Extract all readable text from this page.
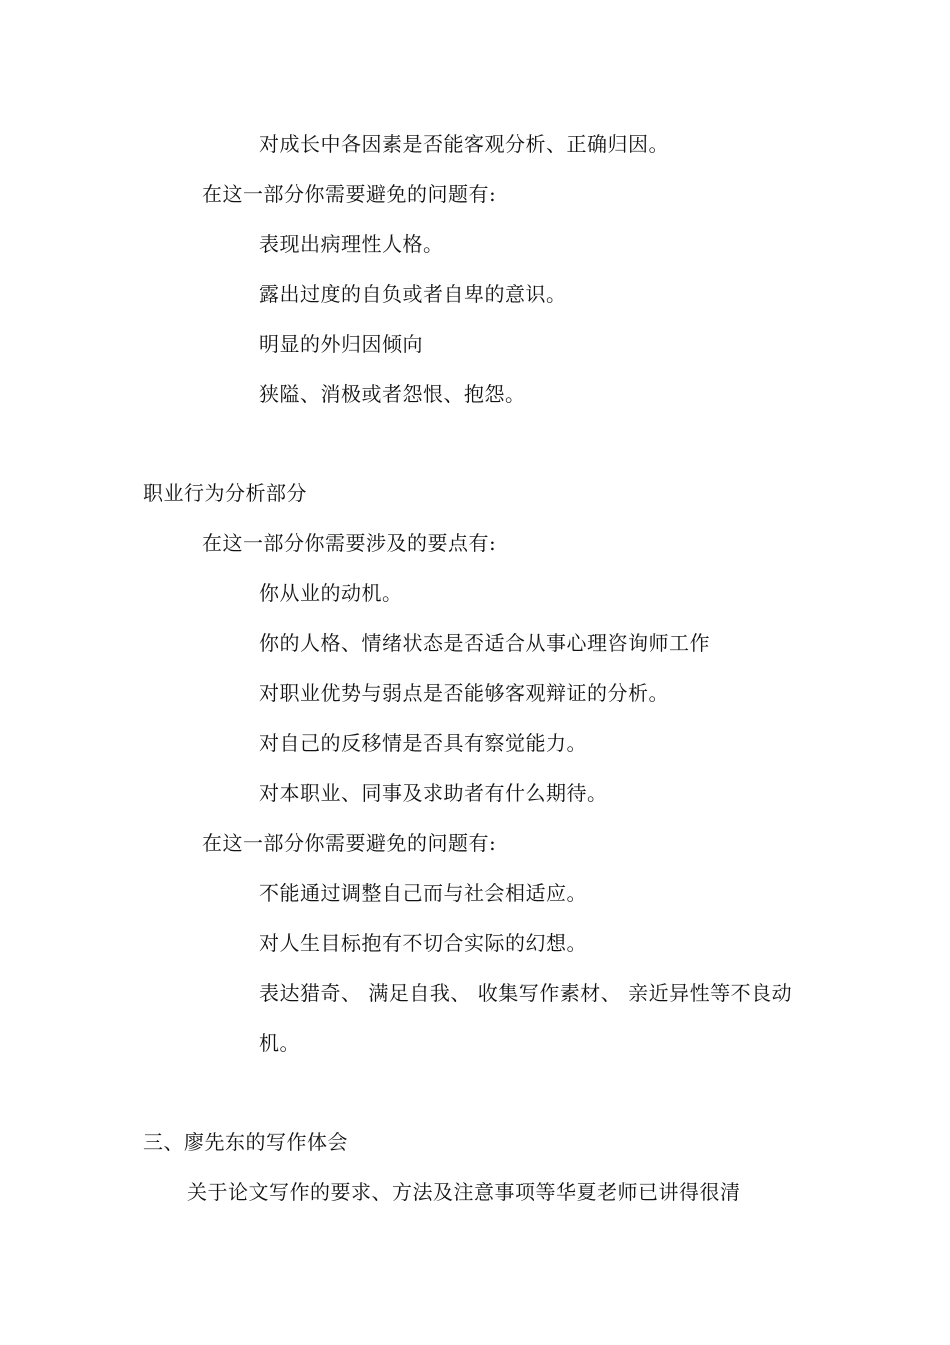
对成长中各因素是否能客观分析、正确归因。
在这一部分你需要避免的问题有:
表现出病理性人格。
露出过度的自负或者自卑的意识。
明显的外归因倾向
狭隘、消极或者怨恨、抱怨。
职业行为分析部分
在这一部分你需要涉及的要点有:
你从业的动机。
你的人格、情绪状态是否适合从事心理咨询师工作
对职业优势与弱点是否能够客观辩证的分析。
对自己的反移情是否具有察觉能力。
对本职业、同事及求助者有什么期待。
在这一部分你需要避免的问题有:
不能通过调整自己而与社会相适应。
对人生目标抱有不切合实际的幻想。
表达猎奇、 满足自我、 收集写作素材、 亲近异性等不良动
机。
三、廖先东的写作体会
关于论文写作的要求、方法及注意事项等华夏老师已讲得很清
